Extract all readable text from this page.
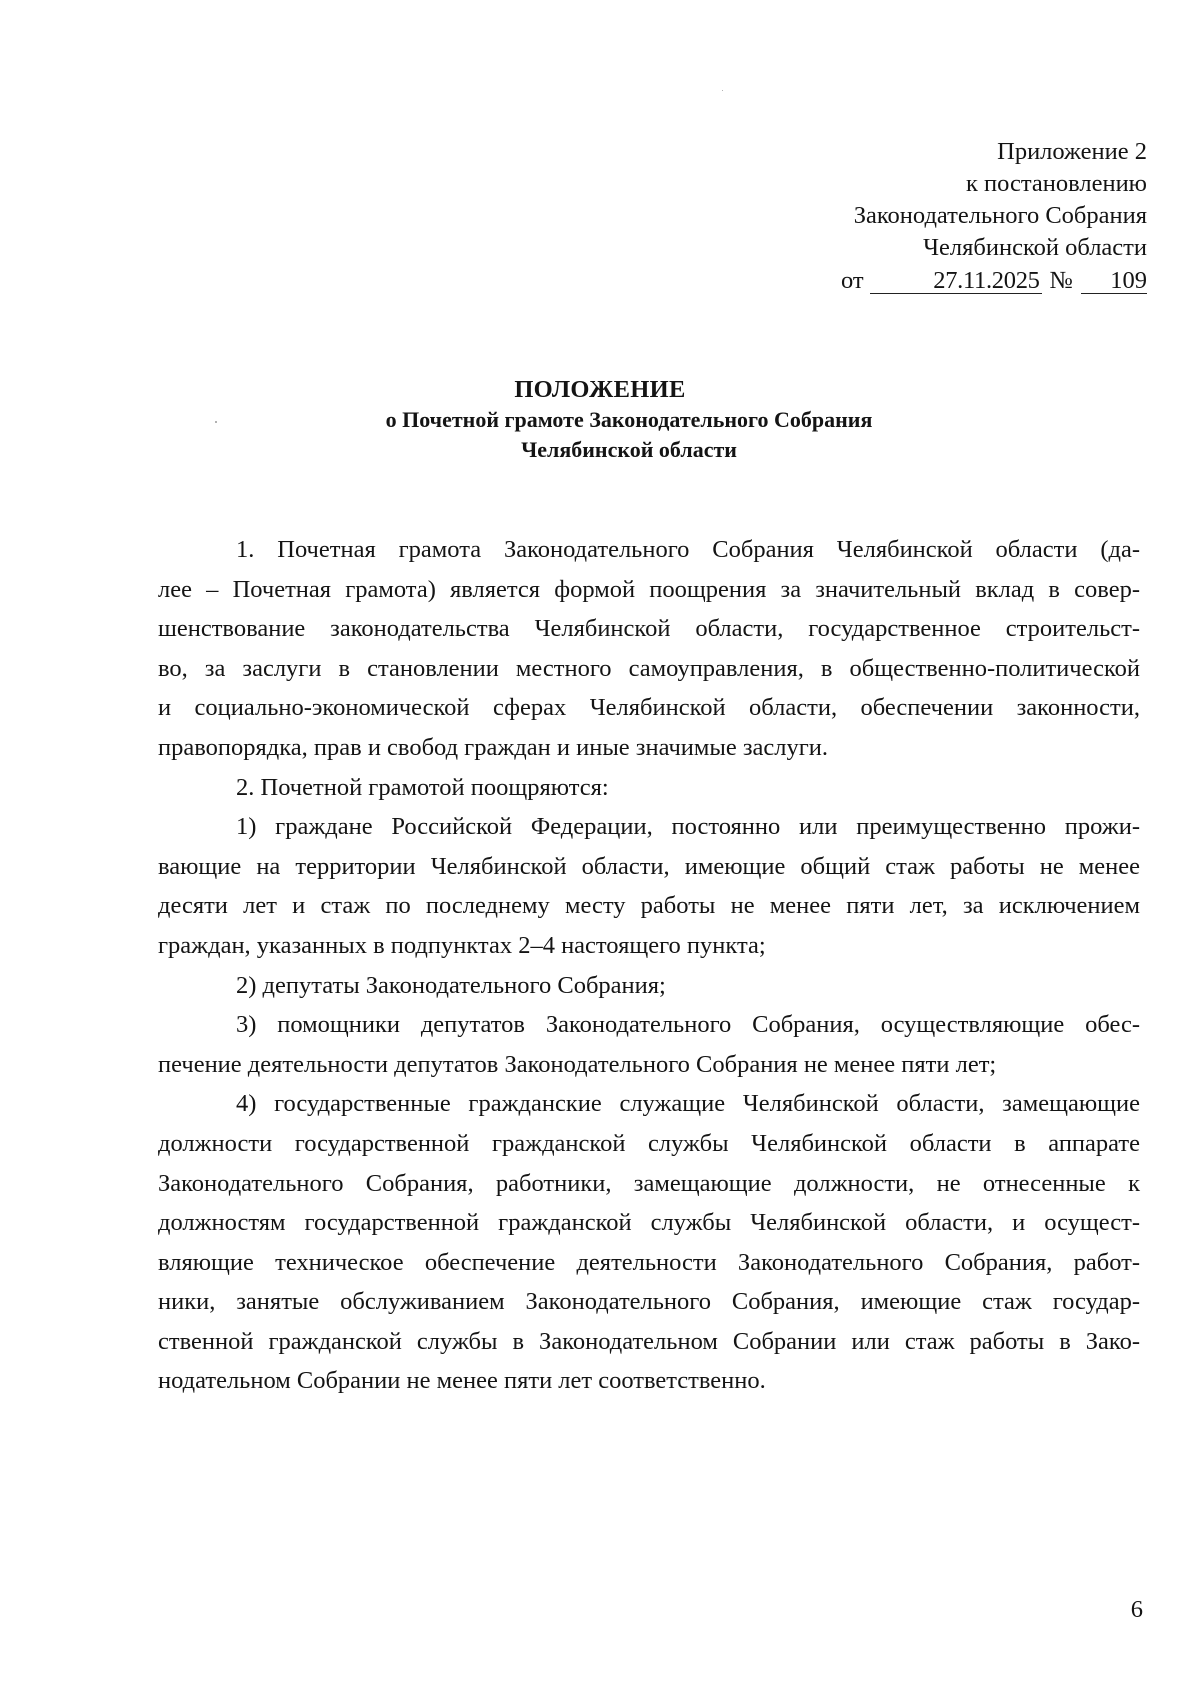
Приложение 2
к постановлению
Законодательного Собрания
Челябинской области
от	27.11.2025 № 109
ПОЛОЖЕНИЕ
о Почетной грамоте Законодательного Собрания
Челябинской области
1. Почетная грамота Законодательного Собрания Челябинской области (да-
лее – Почетная грамота) является формой поощрения за значительный вклад в совер-
шенствование законодательства Челябинской области, государственное строительст-
во, за заслуги в становлении местного самоуправления, в общественно-политической
и социально-экономической сферах Челябинской области, обеспечении законности,
правопорядка, прав и свобод граждан и иные значимые заслуги.
2. Почетной грамотой поощряются:
1) граждане Российской Федерации, постоянно или преимущественно прожи-
вающие на территории Челябинской области, имеющие общий стаж работы не менее
десяти лет и стаж по последнему месту работы не менее пяти лет, за исключением
граждан, указанных в подпунктах 2–4 настоящего пункта;
2) депутаты Законодательного Собрания;
3) помощники депутатов Законодательного Собрания, осуществляющие обес-
печение деятельности депутатов Законодательного Собрания не менее пяти лет;
4) государственные гражданские служащие Челябинской области, замещающие
должности государственной гражданской службы Челябинской области в аппарате
Законодательного Собрания, работники, замещающие должности, не отнесенные к
должностям государственной гражданской службы Челябинской области, и осущест-
вляющие техническое обеспечение деятельности Законодательного Собрания, работ-
ники, занятые обслуживанием Законодательного Собрания, имеющие стаж государ-
ственной гражданской службы в Законодательном Собрании или стаж работы в Зако-
нодательном Собрании не менее пяти лет соответственно.
6
